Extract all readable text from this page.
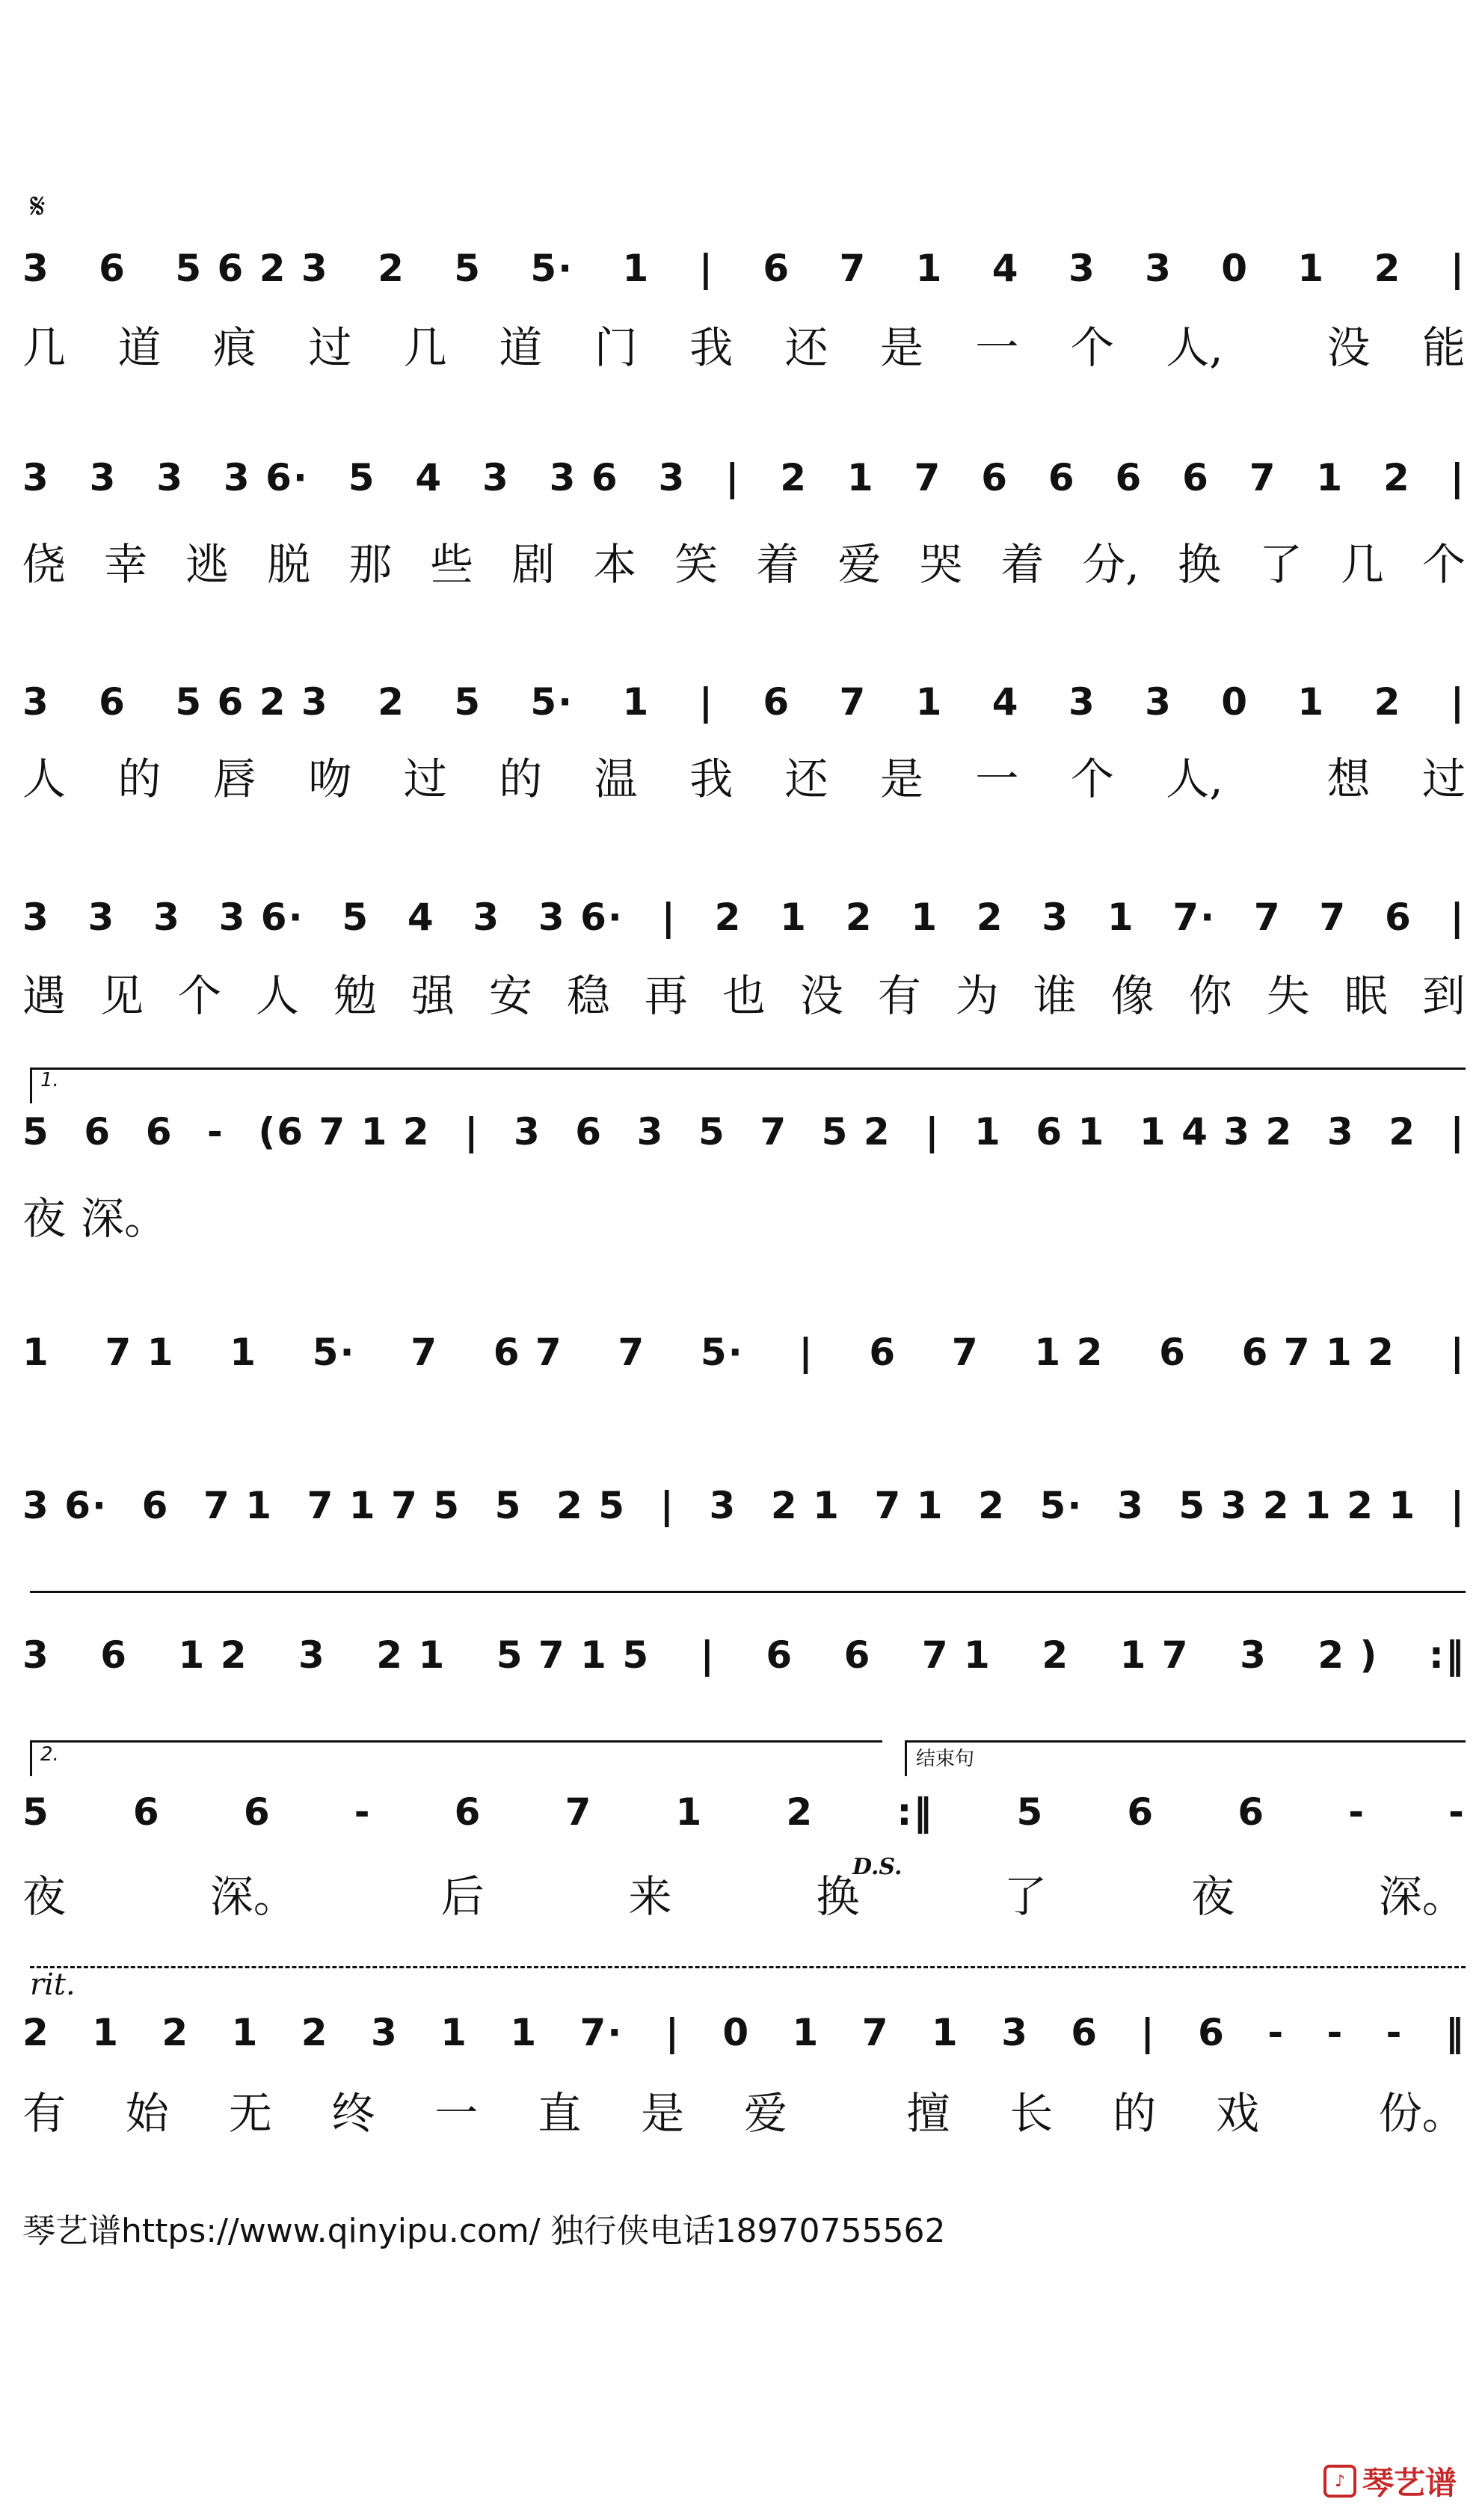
𝄋
3 6 5 6 2 3 2 5 5· 1 | 6 7 1 4 3 3 0 1 2 |
几 道 痕 过 几 道 门 我 还 是 一 个 人, 没 能
3 3 3 3 6· 5 4 3 3 6 3 | 2 1 7 6 6 6 6 7 1 2 |
侥 幸 逃 脱 那 些 剧 本 笑 着 爱 哭 着 分, 换 了 几 个
3 6 5 6 2 3 2 5 5· 1 | 6 7 1 4 3 3 0 1 2 |
人 的 唇 吻 过 的 温 我 还 是 一 个 人, 想 过
3 3 3 3 6· 5 4 3 3 6· | 2 1 2 1 2 3 1 7· 7 7 6 |
遇 见 个 人 勉 强 安 稳 再 也 没 有 为 谁 像 你 失 眠 到
1.
5 6 6 - (6 7 1 2 | 3 6 3 5 7 5 2 | 1 6 1 1 4 3 2 3 2 |
夜 深。
1 7 1 1 5· 7 6 7 7 5· | 6 7 1 2 6 6 7 1 2 |
3 6· 6 7 1 7 1 7 5 5 2 5 | 3 2 1 7 1 2 5· 3 5 3 2 1 2 1 |
3 6 1 2 3 2 1 5 7 1 5 | 6 6 7 1 2 1 7 3 2 ) :‖
2.	结束句
5 6 6 - 6 7 1 2 :‖ 5 6 6 - -
夜	深。	后	来	换	了	夜	深。
D.S.
rit.
2 1 2 1 2 3 1 1 7· | 0 1 7 1 3 6 | 6 - - - ‖
有 始 无 终 一 直 是 爱	擅 长 的 戏	份。
琴艺谱https://www.qinyipu.com/ 独行侠电话18970755562
♪ 琴艺谱
